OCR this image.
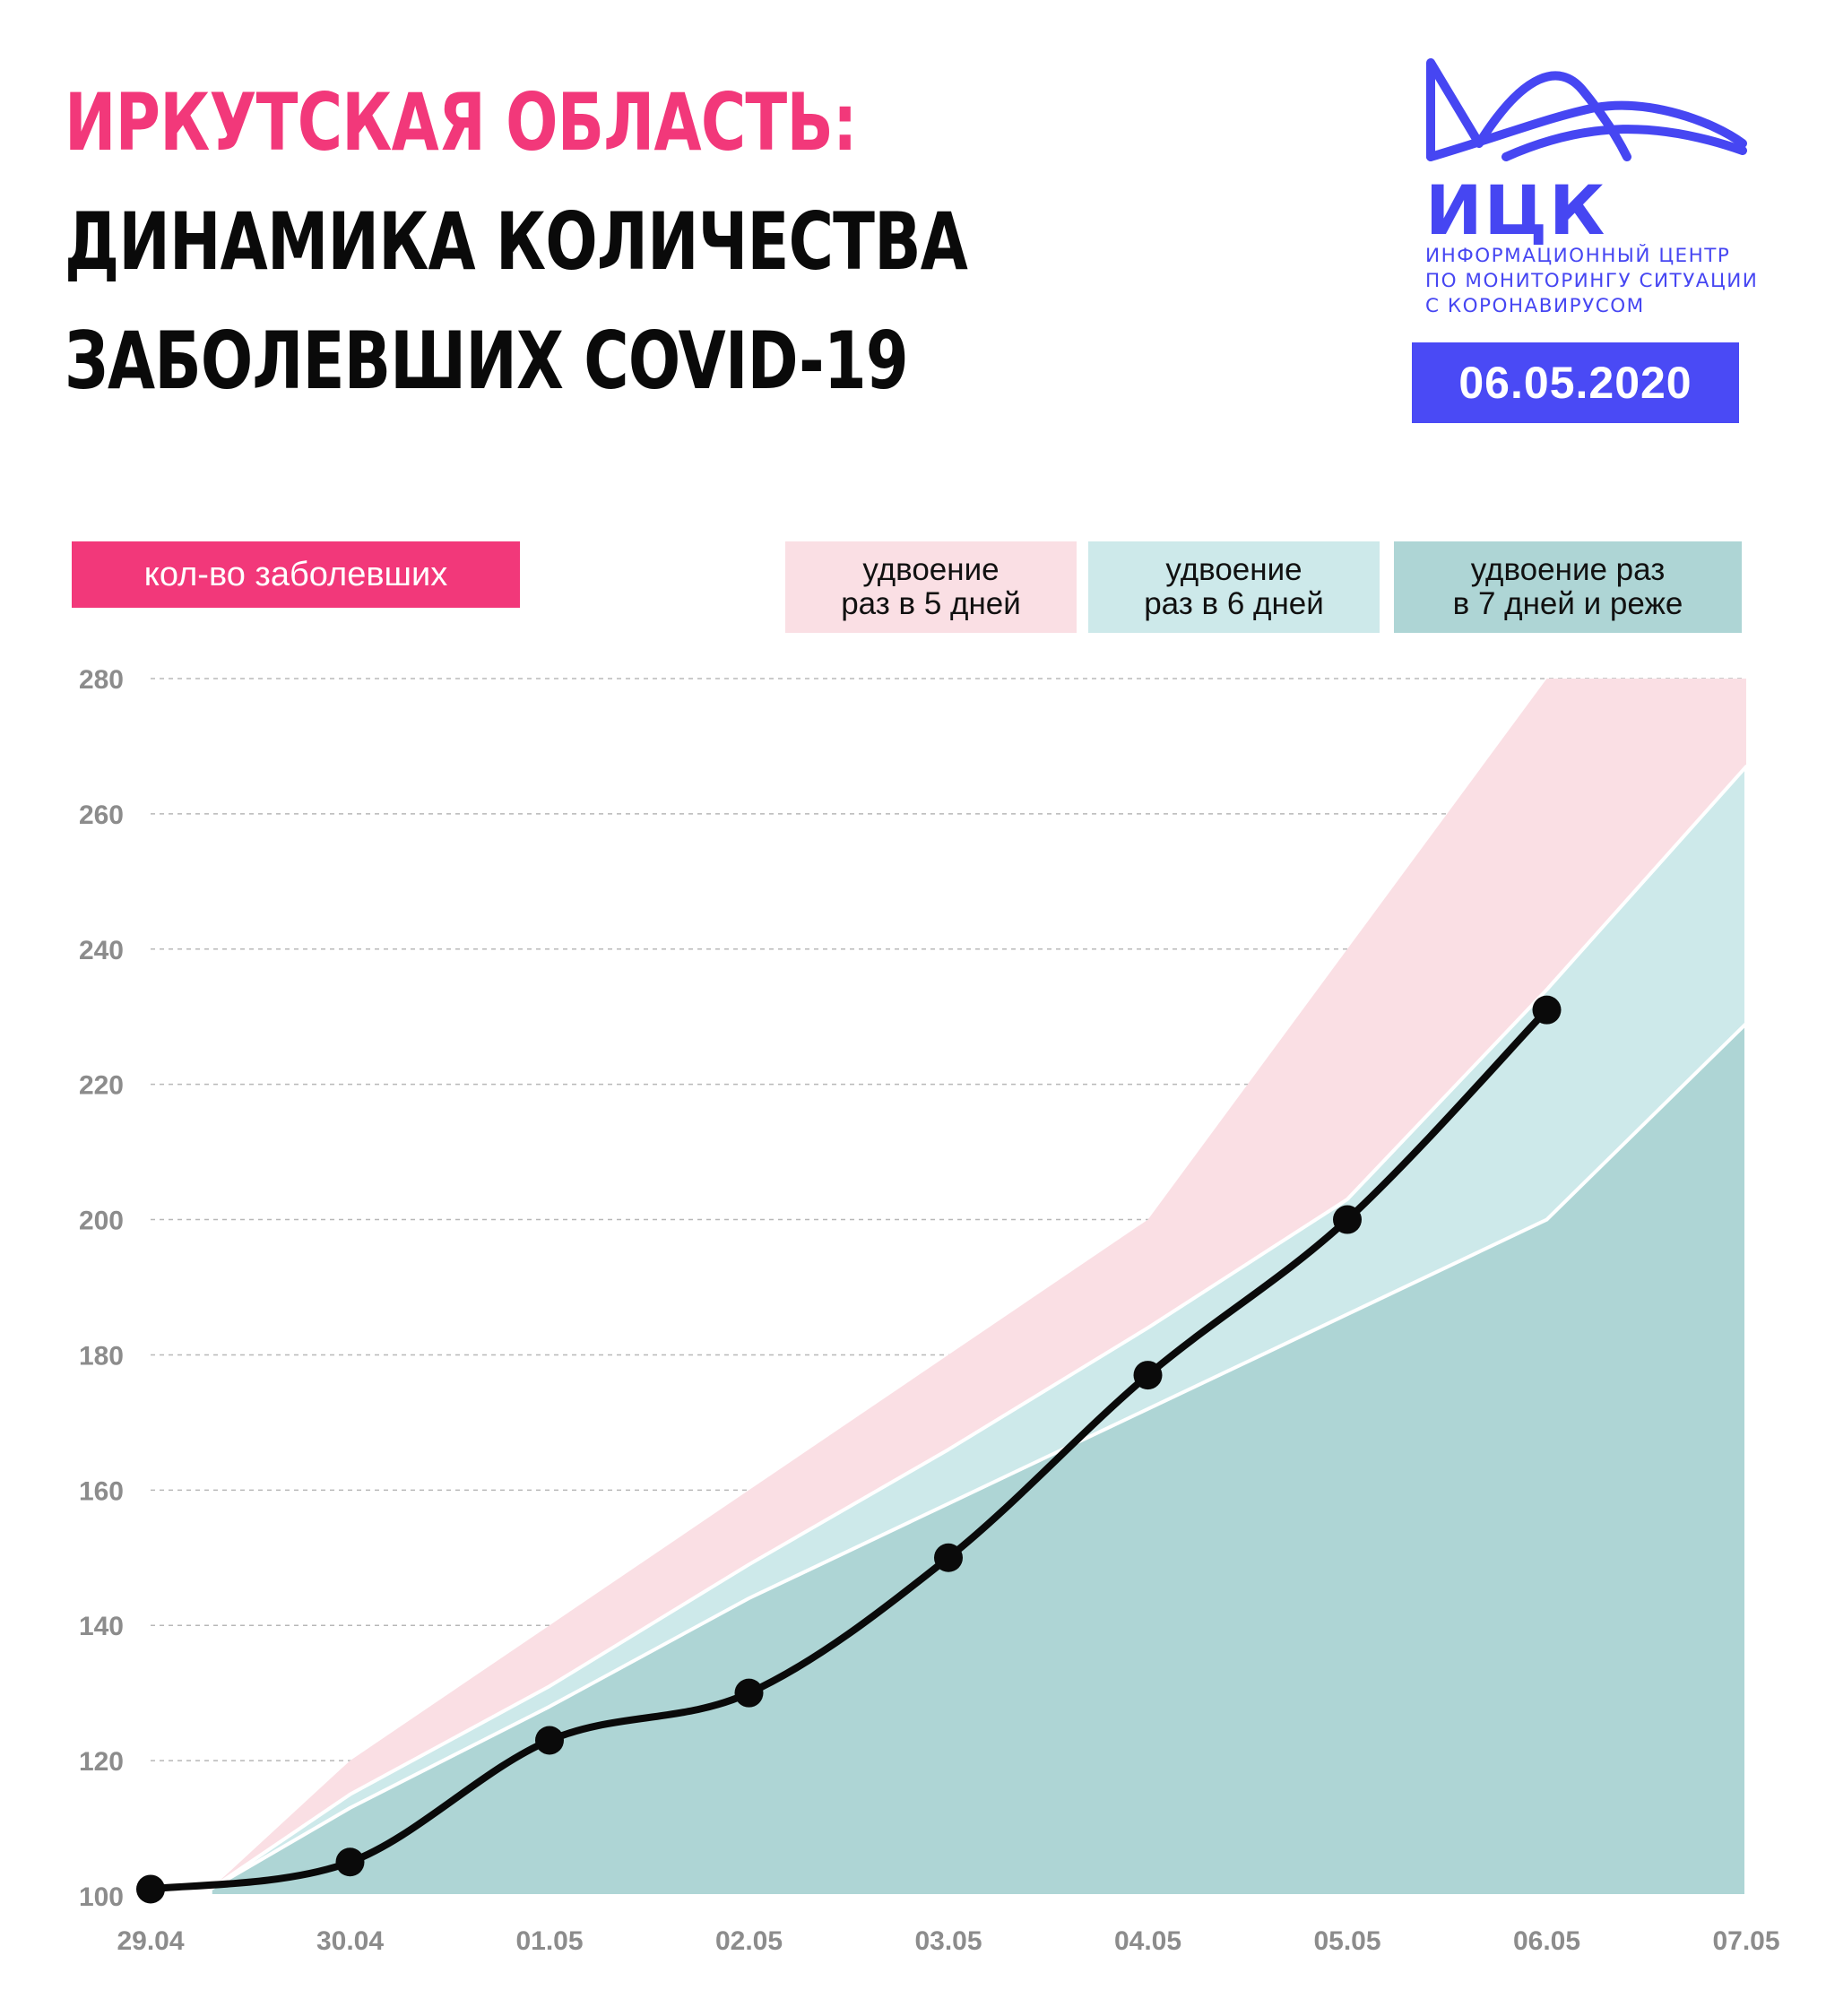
ИРКУТСКАЯ ОБЛАСТЬ:
ДИНАМИКА КОЛИЧЕСТВА
ЗАБОЛЕВШИХ COVID-19
ИЦК
ИНФОРМАЦИОННЫЙ ЦЕНТР
ПО МОНИТОРИНГУ СИТУАЦИИ
С КОРОНАВИРУСОМ
06.05.2020
кол-во заболевших	удвоение
раз в 5 дней
удвоение
раз в 6 дней
удвоение раз
в 7 дней и реже
100
120
140
160
180
200
220
240
260
280
29.04	30.04	01.05	02.05	03.05	04.05	05.05	06.05	07.05
